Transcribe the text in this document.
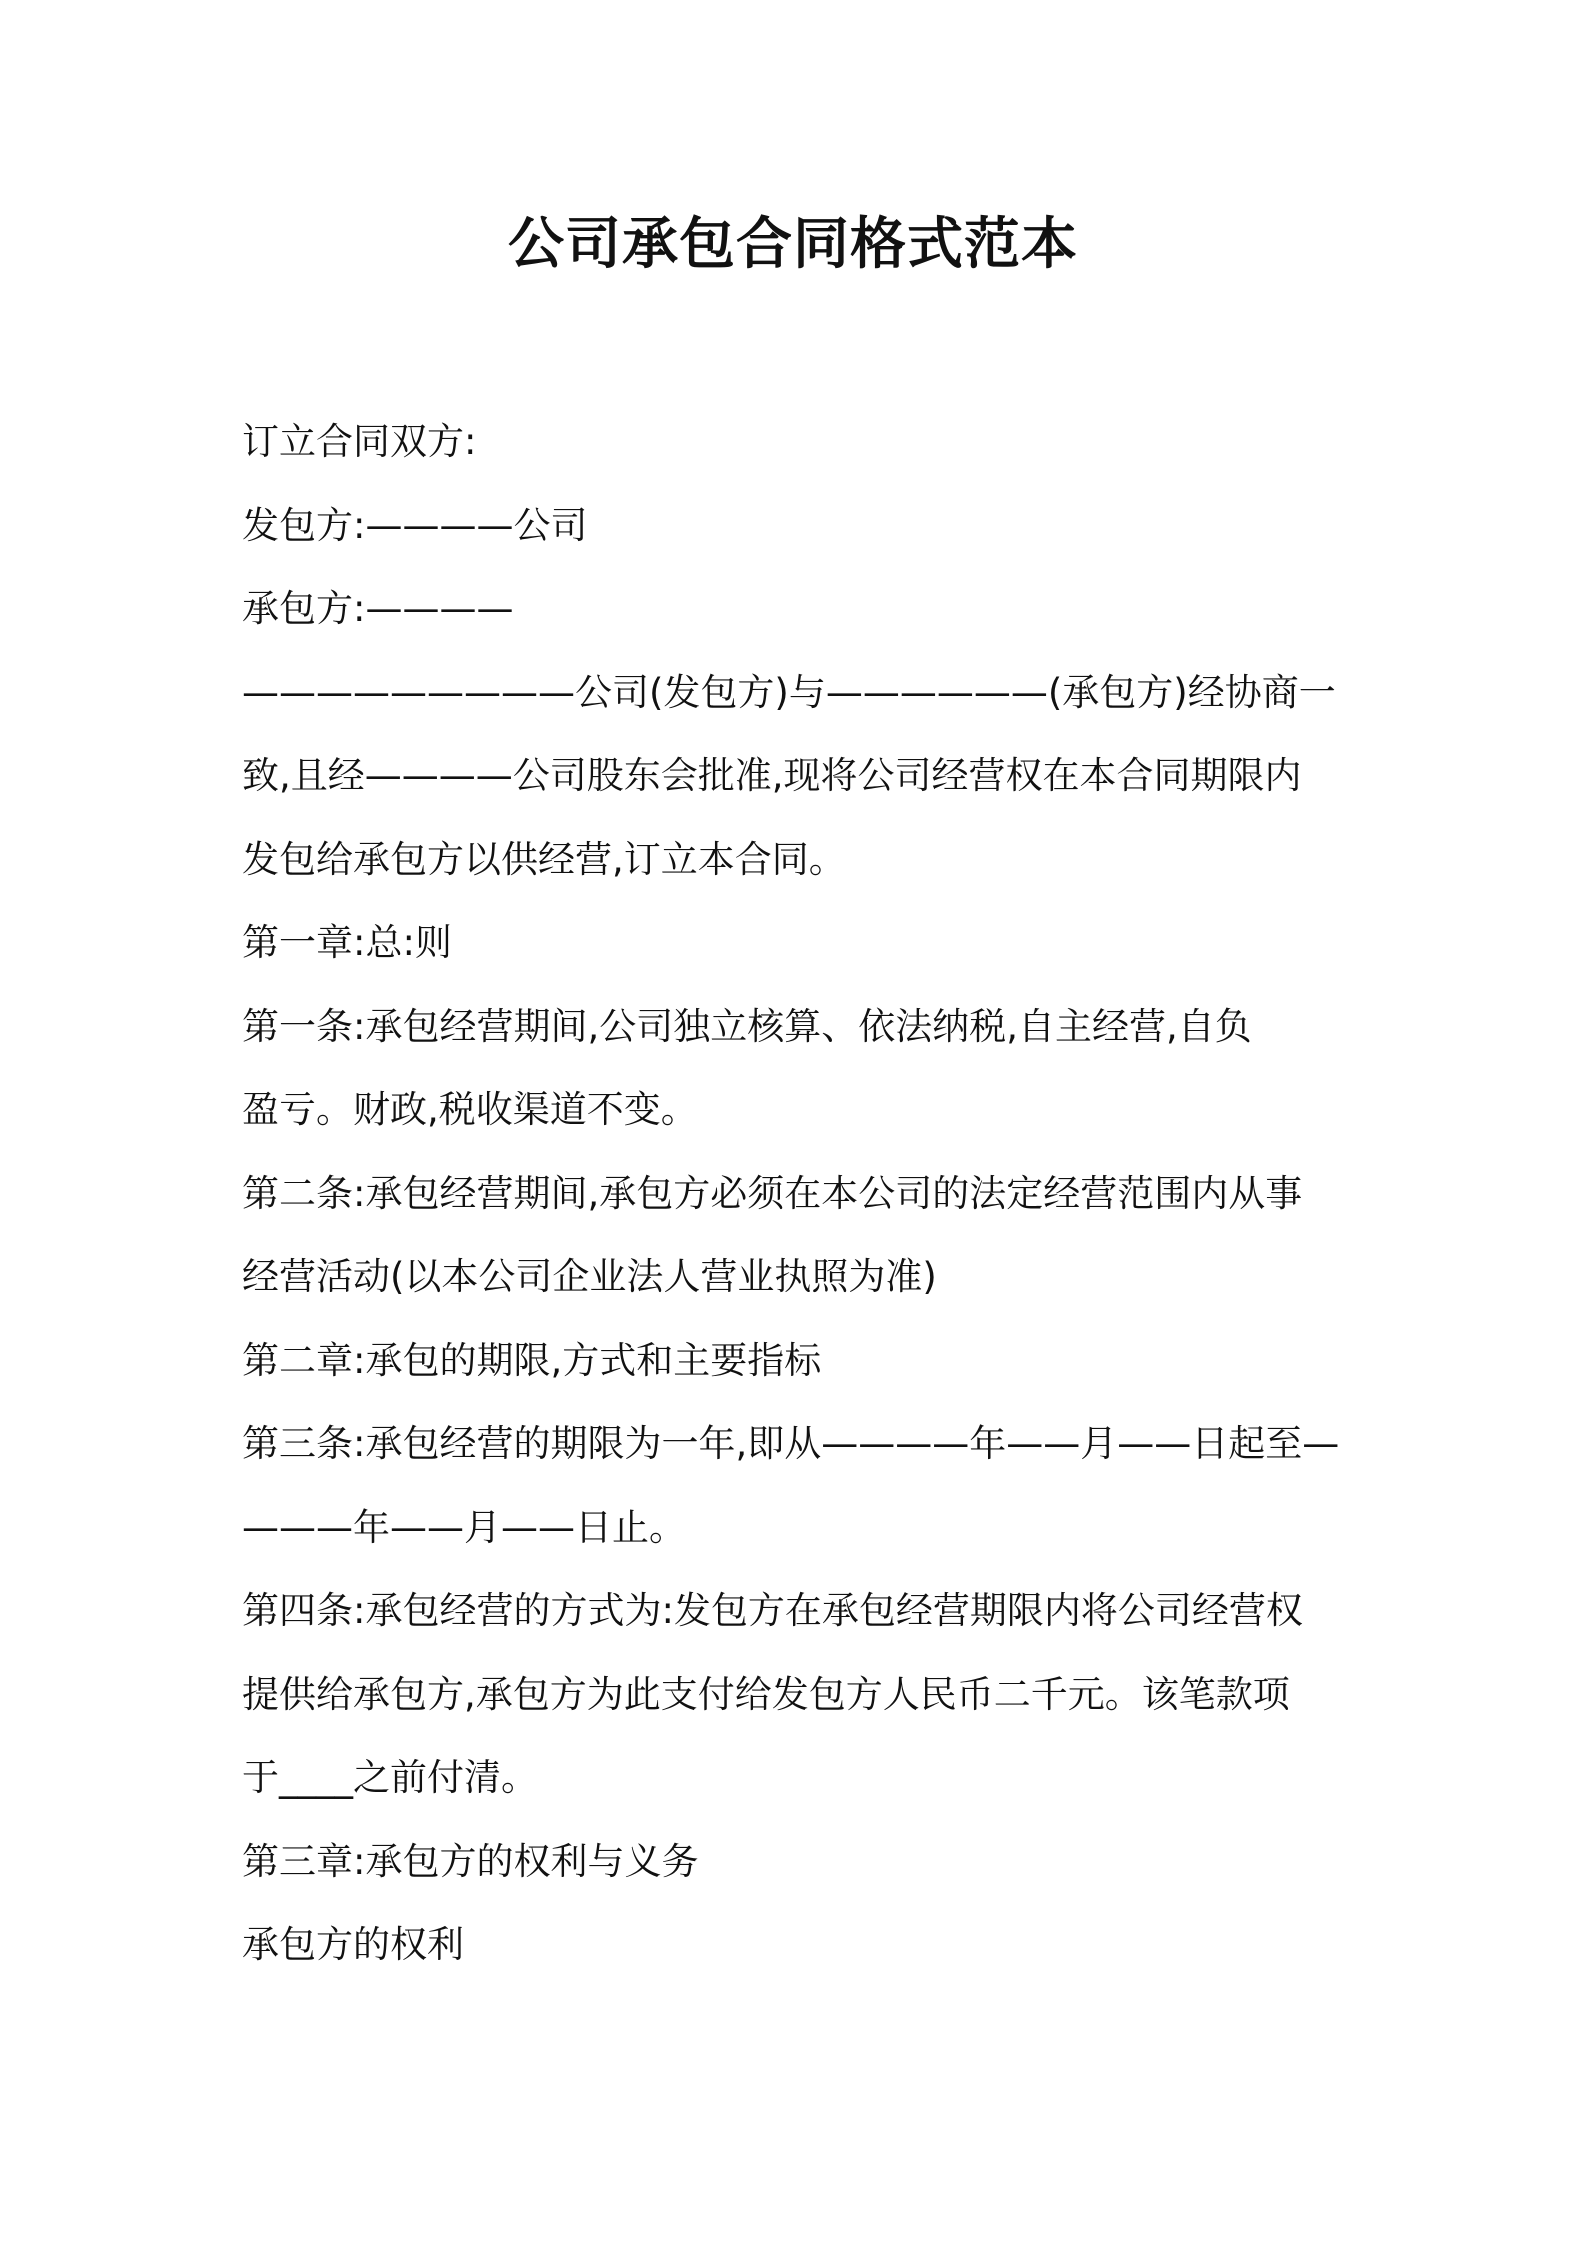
公司承包合同格式范本

订立合同双方:

发包方:————公司

承包方:————

—————————公司(发包方)与——————(承包方)经协商一

致,且经————公司股东会批准,现将公司经营权在本合同期限内

发包给承包方以供经营,订立本合同。

第一章:总:则

第一条:承包经营期间,公司独立核算、依法纳税,自主经营,自负

盈亏。财政,税收渠道不变。

第二条:承包经营期间,承包方必须在本公司的法定经营范围内从事

经营活动(以本公司企业法人营业执照为准)

第二章:承包的期限,方式和主要指标

第三条:承包经营的期限为一年,即从————年——月——日起至—

———年——月——日止。

第四条:承包经营的方式为:发包方在承包经营期限内将公司经营权

提供给承包方,承包方为此支付给发包方人民币二千元。该笔款项

于____之前付清。

第三章:承包方的权利与义务

承包方的权利
